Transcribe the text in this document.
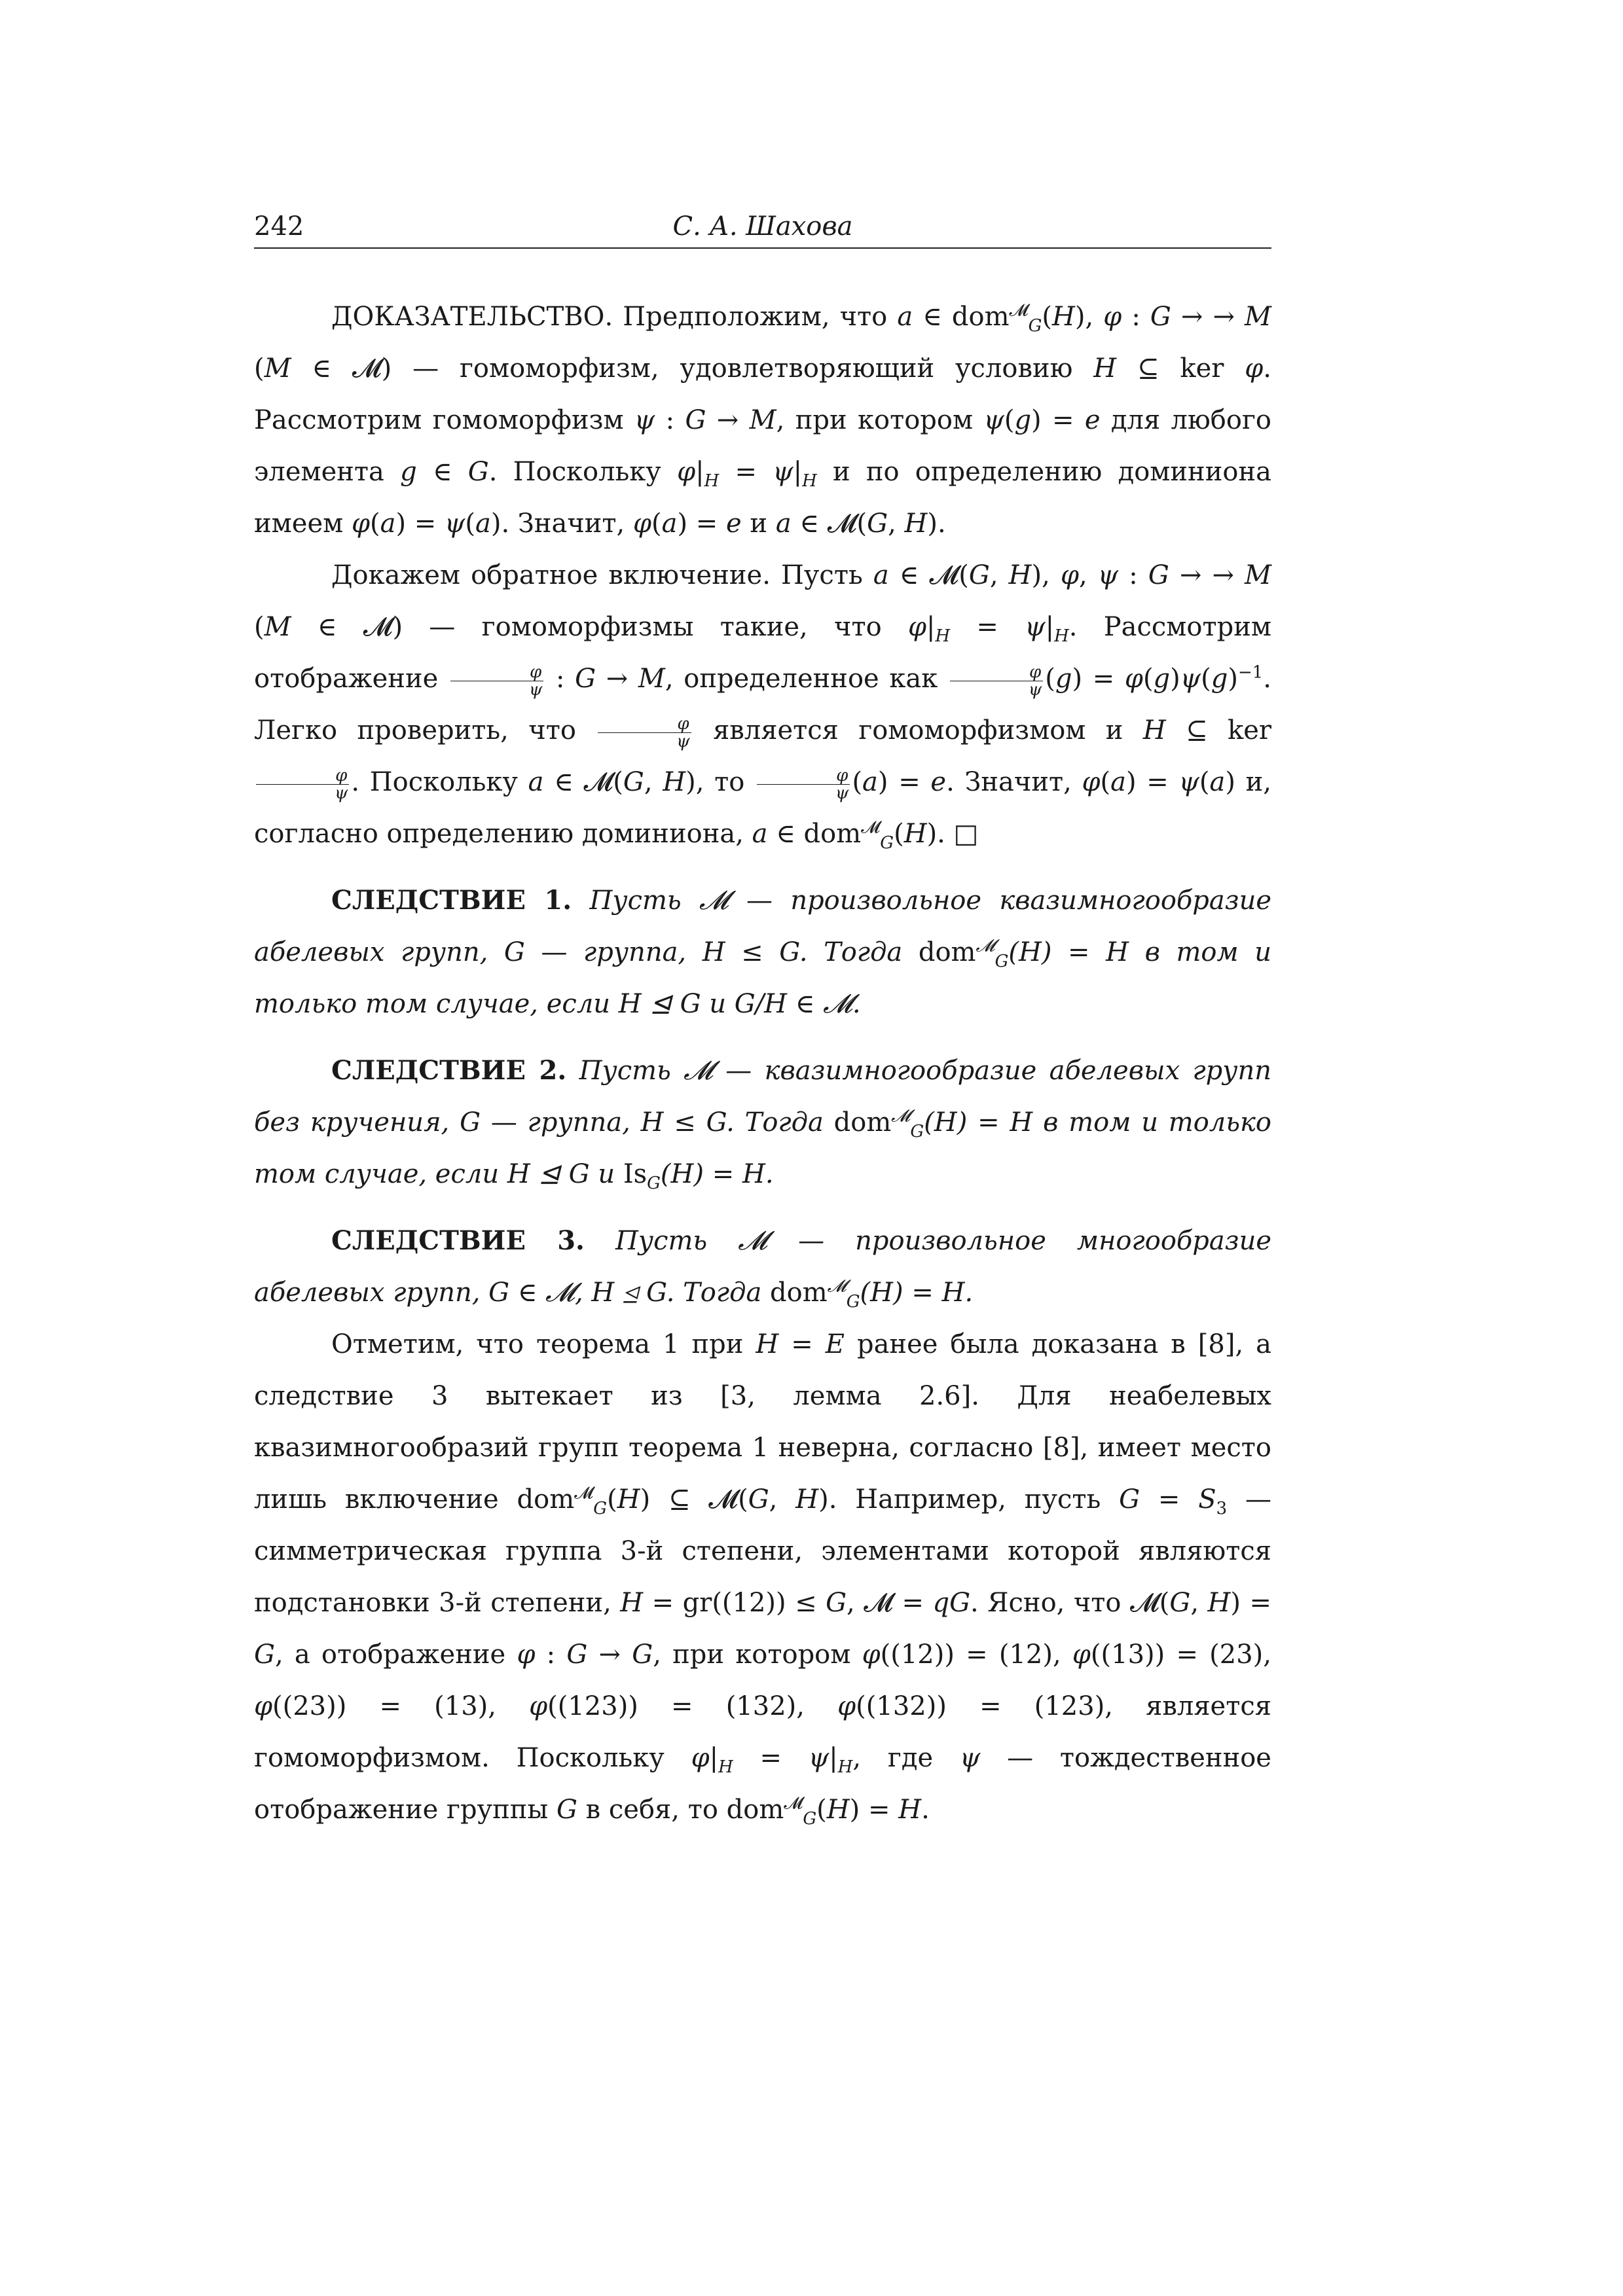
242	С. А. Шахова

ДОКАЗАТЕЛЬСТВО. Предположим, что a ∈ dom$^𝓜_G$(H), φ : G → → M (M ∈ 𝓜) — гомоморфизм, удовлетворяющий условию H ⊆ ker φ. Рассмотрим гомоморфизм ψ : G → M, при котором ψ(g) = e для любого элемента g ∈ G. Поскольку $\varphi|_H = \psi|_H$ и по определению доминиона имеем φ(a) = ψ(a). Значит, φ(a) = e и a ∈ 𝓜(G, H).

Докажем обратное включение. Пусть a ∈ 𝓜(G, H), φ, ψ : G → → M (M ∈ 𝓜) — гомоморфизмы такие, что $\varphi|_H = \psi|_H$. Рассмотрим отображение $\frac{\varphi}{\psi}$ : G → M, определенное как $\frac{\varphi}{\psi} (g) = \varphi(g)\psi(g)^{-1}$. Легко проверить, что $\frac{\varphi}{\psi}$ является гомоморфизмом и H ⊆ ker
$\frac{\varphi}{\psi}$ . Поскольку a ∈ 𝓜(G, H), то $\frac{\varphi}{\psi} (a) = e$. Значит, φ(a) = ψ(a) и, согласно определению доминиона, a ∈ dom$^𝓜_G$(H). □

СЛЕДСТВИЕ 1. Пусть 𝓜 — произвольное квазимногообразие абелевых групп, G — группа, H ≤ G. Тогда dom$^𝓜_G$(H) = H в том и только том случае, если H ⊴ G и G/H ∈ 𝓜.

СЛЕДСТВИЕ 2. Пусть 𝓜 — квазимногообразие абелевых групп без кручения, G — группа, H ≤ G. Тогда dom$^𝓜_G$(H) = H в том и только том случае, если H ⊴ G и $Is_G(H) = H$.

СЛЕДСТВИЕ 3. Пусть 𝓜 — произвольное многообразие абелевых групп, G ∈ 𝓜, H ⊴ G. Тогда dom$^𝓜_G$(H) = H.

Отметим, что теорема 1 при H = E ранее была доказана в [8], а следствие 3 вытекает из [3, лемма 2.6]. Для неабелевых квазимногообразий групп теорема 1 неверна, согласно [8], имеет место лишь включение dom$^𝓜_G$(H) ⊆ 𝓜(G, H). Например, пусть $G = S_3$ — симметрическая группа 3-й степени, элементами которой являются подстановки 3-й степени, H = gr((12)) ≤ G, 𝓜 = qG. Ясно, что 𝓜(G, H) = G, а отображение φ : G → G, при котором φ((12)) = (12), φ((13)) = (23), φ((23)) = (13), φ((123)) = (132), φ((132)) = (123), является гомоморфизмом. Поскольку $\varphi|_H = \psi|_H$, где ψ — тождественное отображение группы G в себя, то dom$^𝓜_G$(H) = H.
